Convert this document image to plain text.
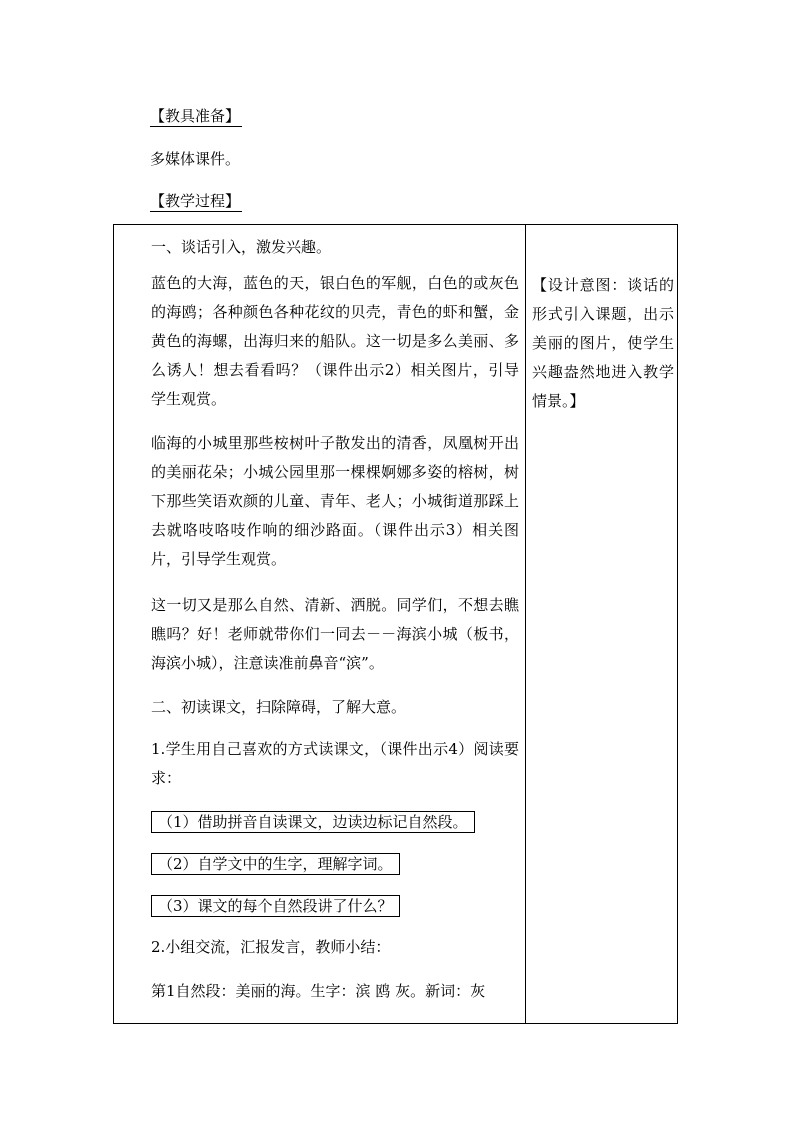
【教具准备】
多媒体课件。
【教学过程】
一、谈话引入，激发兴趣。
蓝色的大海，蓝色的天，银白色的军舰，白色的或灰色的海鸥；各种颜色各种花纹的贝壳，青色的虾和蟹，金黄色的海螺，出海归来的船队。这一切是多么美丽、多么诱人！想去看看吗？（课件出示2）相关图片，引导学生观赏。
临海的小城里那些桉树叶子散发出的清香，凤凰树开出的美丽花朵；小城公园里那一棵棵婀娜多姿的榕树，树下那些笑语欢颜的儿童、青年、老人；小城街道那踩上去就咯吱咯吱作响的细沙路面。（课件出示3）相关图片，引导学生观赏。
这一切又是那么自然、清新、洒脱。同学们，不想去瞧瞧吗？好！老师就带你们一同去－－海滨小城（板书，海滨小城），注意读准前鼻音“滨”。
二、初读课文，扫除障碍，了解大意。
1.学生用自己喜欢的方式读课文，（课件出示4）阅读要求：
（1）借助拼音自读课文，边读边标记自然段。
（2）自学文中的生字，理解字词。
（3）课文的每个自然段讲了什么？
2.小组交流，汇报发言，教师小结：
第1自然段：美丽的海。生字：滨 鸥 灰。新词：灰
【设计意图：谈话的形式引入课题，出示美丽的图片，使学生兴趣盎然地进入教学情景。】
